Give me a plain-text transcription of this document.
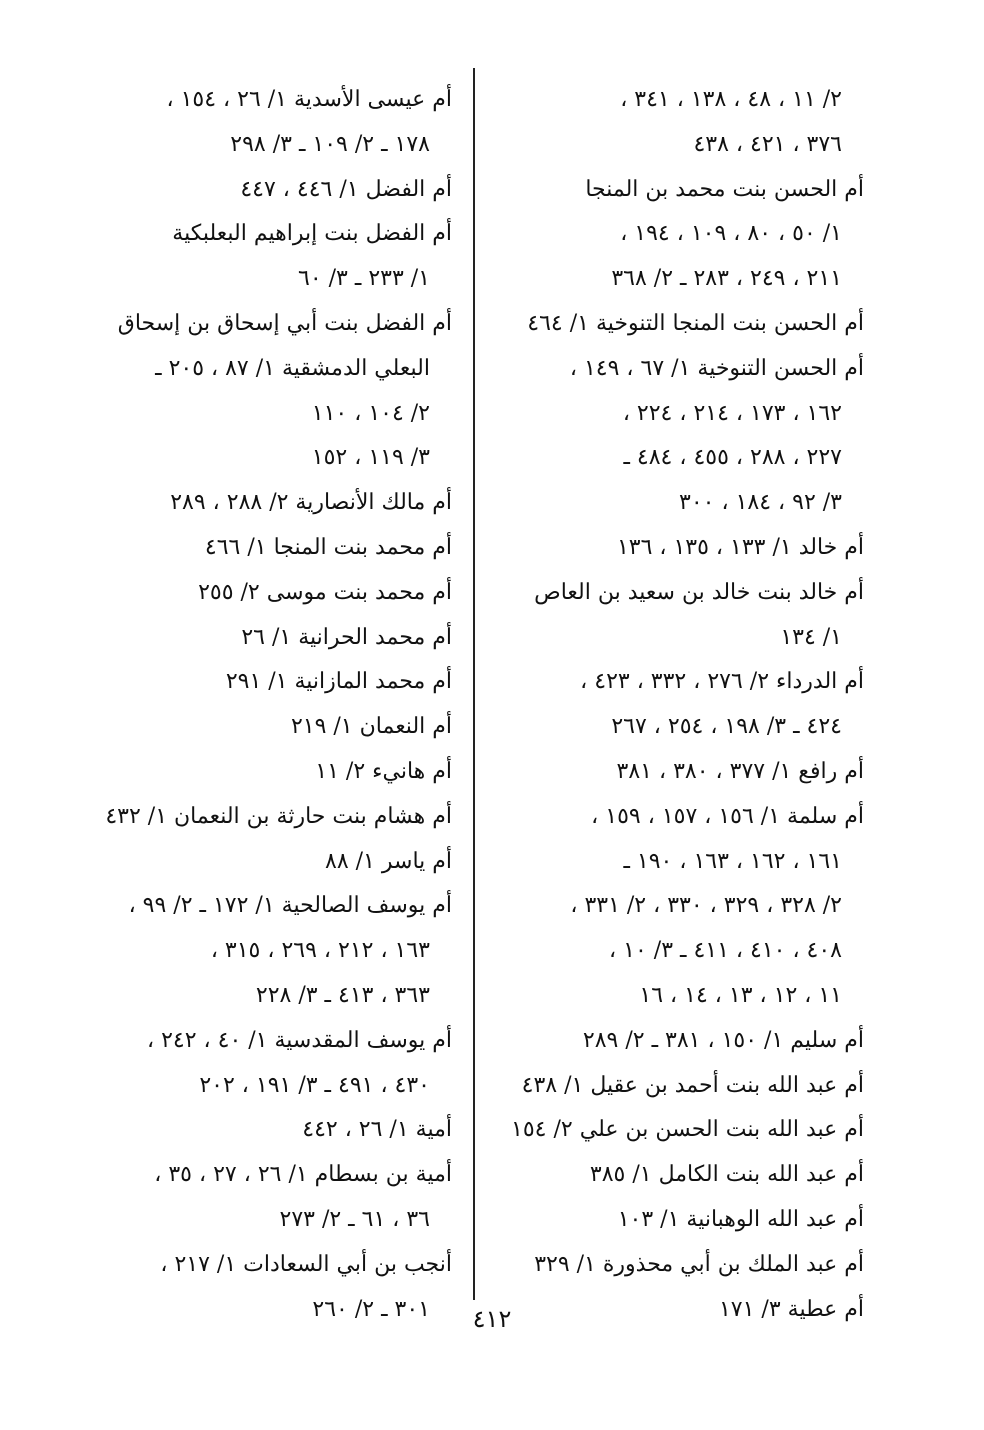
٢/ ١١ ، ٤٨ ، ١٣٨ ، ٣٤١ ،
٣٧٦ ، ٤٢١ ، ٤٣٨
أم الحسن بنت محمد بن المنجا
١/ ٥٠ ، ٨٠ ، ١٠٩ ، ١٩٤ ،
٢١١ ، ٢٤٩ ، ٢٨٣ ـ ٢/ ٣٦٨
أم الحسن بنت المنجا التنوخية ١/ ٤٦٤
أم الحسن التنوخية ١/ ٦٧ ، ١٤٩ ،
١٦٢ ، ١٧٣ ، ٢١٤ ، ٢٢٤ ،
٢٢٧ ، ٢٨٨ ، ٤٥٥ ، ٤٨٤ ـ
٣/ ٩٢ ، ١٨٤ ، ٣٠٠
أم خالد ١/ ١٣٣ ، ١٣٥ ، ١٣٦
أم خالد بنت خالد بن سعيد بن العاص
١/ ١٣٤
أم الدرداء ٢/ ٢٧٦ ، ٣٣٢ ، ٤٢٣ ،
٤٢٤ ـ ٣/ ١٩٨ ، ٢٥٤ ، ٢٦٧
أم رافع ١/ ٣٧٧ ، ٣٨٠ ، ٣٨١
أم سلمة ١/ ١٥٦ ، ١٥٧ ، ١٥٩ ،
١٦١ ، ١٦٢ ، ١٦٣ ، ١٩٠ ـ
٢/ ٣٢٨ ، ٣٢٩ ، ٣٣٠ ، ٢/ ٣٣١ ،
٤٠٨ ، ٤١٠ ، ٤١١ ـ ٣/ ١٠ ،
١١ ، ١٢ ، ١٣ ، ١٤ ، ١٦
أم سليم ١/ ١٥٠ ، ٣٨١ ـ ٢/ ٢٨٩
أم عبد الله بنت أحمد بن عقيل ١/ ٤٣٨
أم عبد الله بنت الحسن بن علي ٢/ ١٥٤
أم عبد الله بنت الكامل ١/ ٣٨٥
أم عبد الله الوهبانية ١/ ١٠٣
أم عبد الملك بن أبي محذورة ١/ ٣٢٩
أم عطية ٣/ ١٧١
أم عيسى الأسدية ١/ ٢٦ ، ١٥٤ ،
١٧٨ ـ ٢/ ١٠٩ ـ ٣/ ٢٩٨
أم الفضل ١/ ٤٤٦ ، ٤٤٧
أم الفضل بنت إبراهيم البعلبكية
١/ ٢٣٣ ـ ٣/ ٦٠
أم الفضل بنت أبي إسحاق بن إسحاق
البعلي الدمشقية ١/ ٨٧ ، ٢٠٥ ـ
٢/ ١٠٤ ، ١١٠
٣/ ١١٩ ، ١٥٢
أم مالك الأنصارية ٢/ ٢٨٨ ، ٢٨٩
أم محمد بنت المنجا ١/ ٤٦٦
أم محمد بنت موسى ٢/ ٢٥٥
أم محمد الحرانية ١/ ٢٦
أم محمد المازانية ١/ ٢٩١
أم النعمان ١/ ٢١٩
أم هانيء ٢/ ١١
أم هشام بنت حارثة بن النعمان ١/ ٤٣٢
أم ياسر ١/ ٨٨
أم يوسف الصالحية ١/ ١٧٢ ـ ٢/ ٩٩ ،
١٦٣ ، ٢١٢ ، ٢٦٩ ، ٣١٥ ،
٣٦٣ ، ٤١٣ ـ ٣/ ٢٢٨
أم يوسف المقدسية ١/ ٤٠ ، ٢٤٢ ،
٤٣٠ ، ٤٩١ ـ ٣/ ١٩١ ، ٢٠٢
أمية ١/ ٢٦ ، ٤٤٢
أمية بن بسطام ١/ ٢٦ ، ٢٧ ، ٣٥ ،
٣٦ ، ٦١ ـ ٢/ ٢٧٣
أنجب بن أبي السعادات ١/ ٢١٧ ،
٣٠١ ـ ٢/ ٢٦٠	٤١٢
